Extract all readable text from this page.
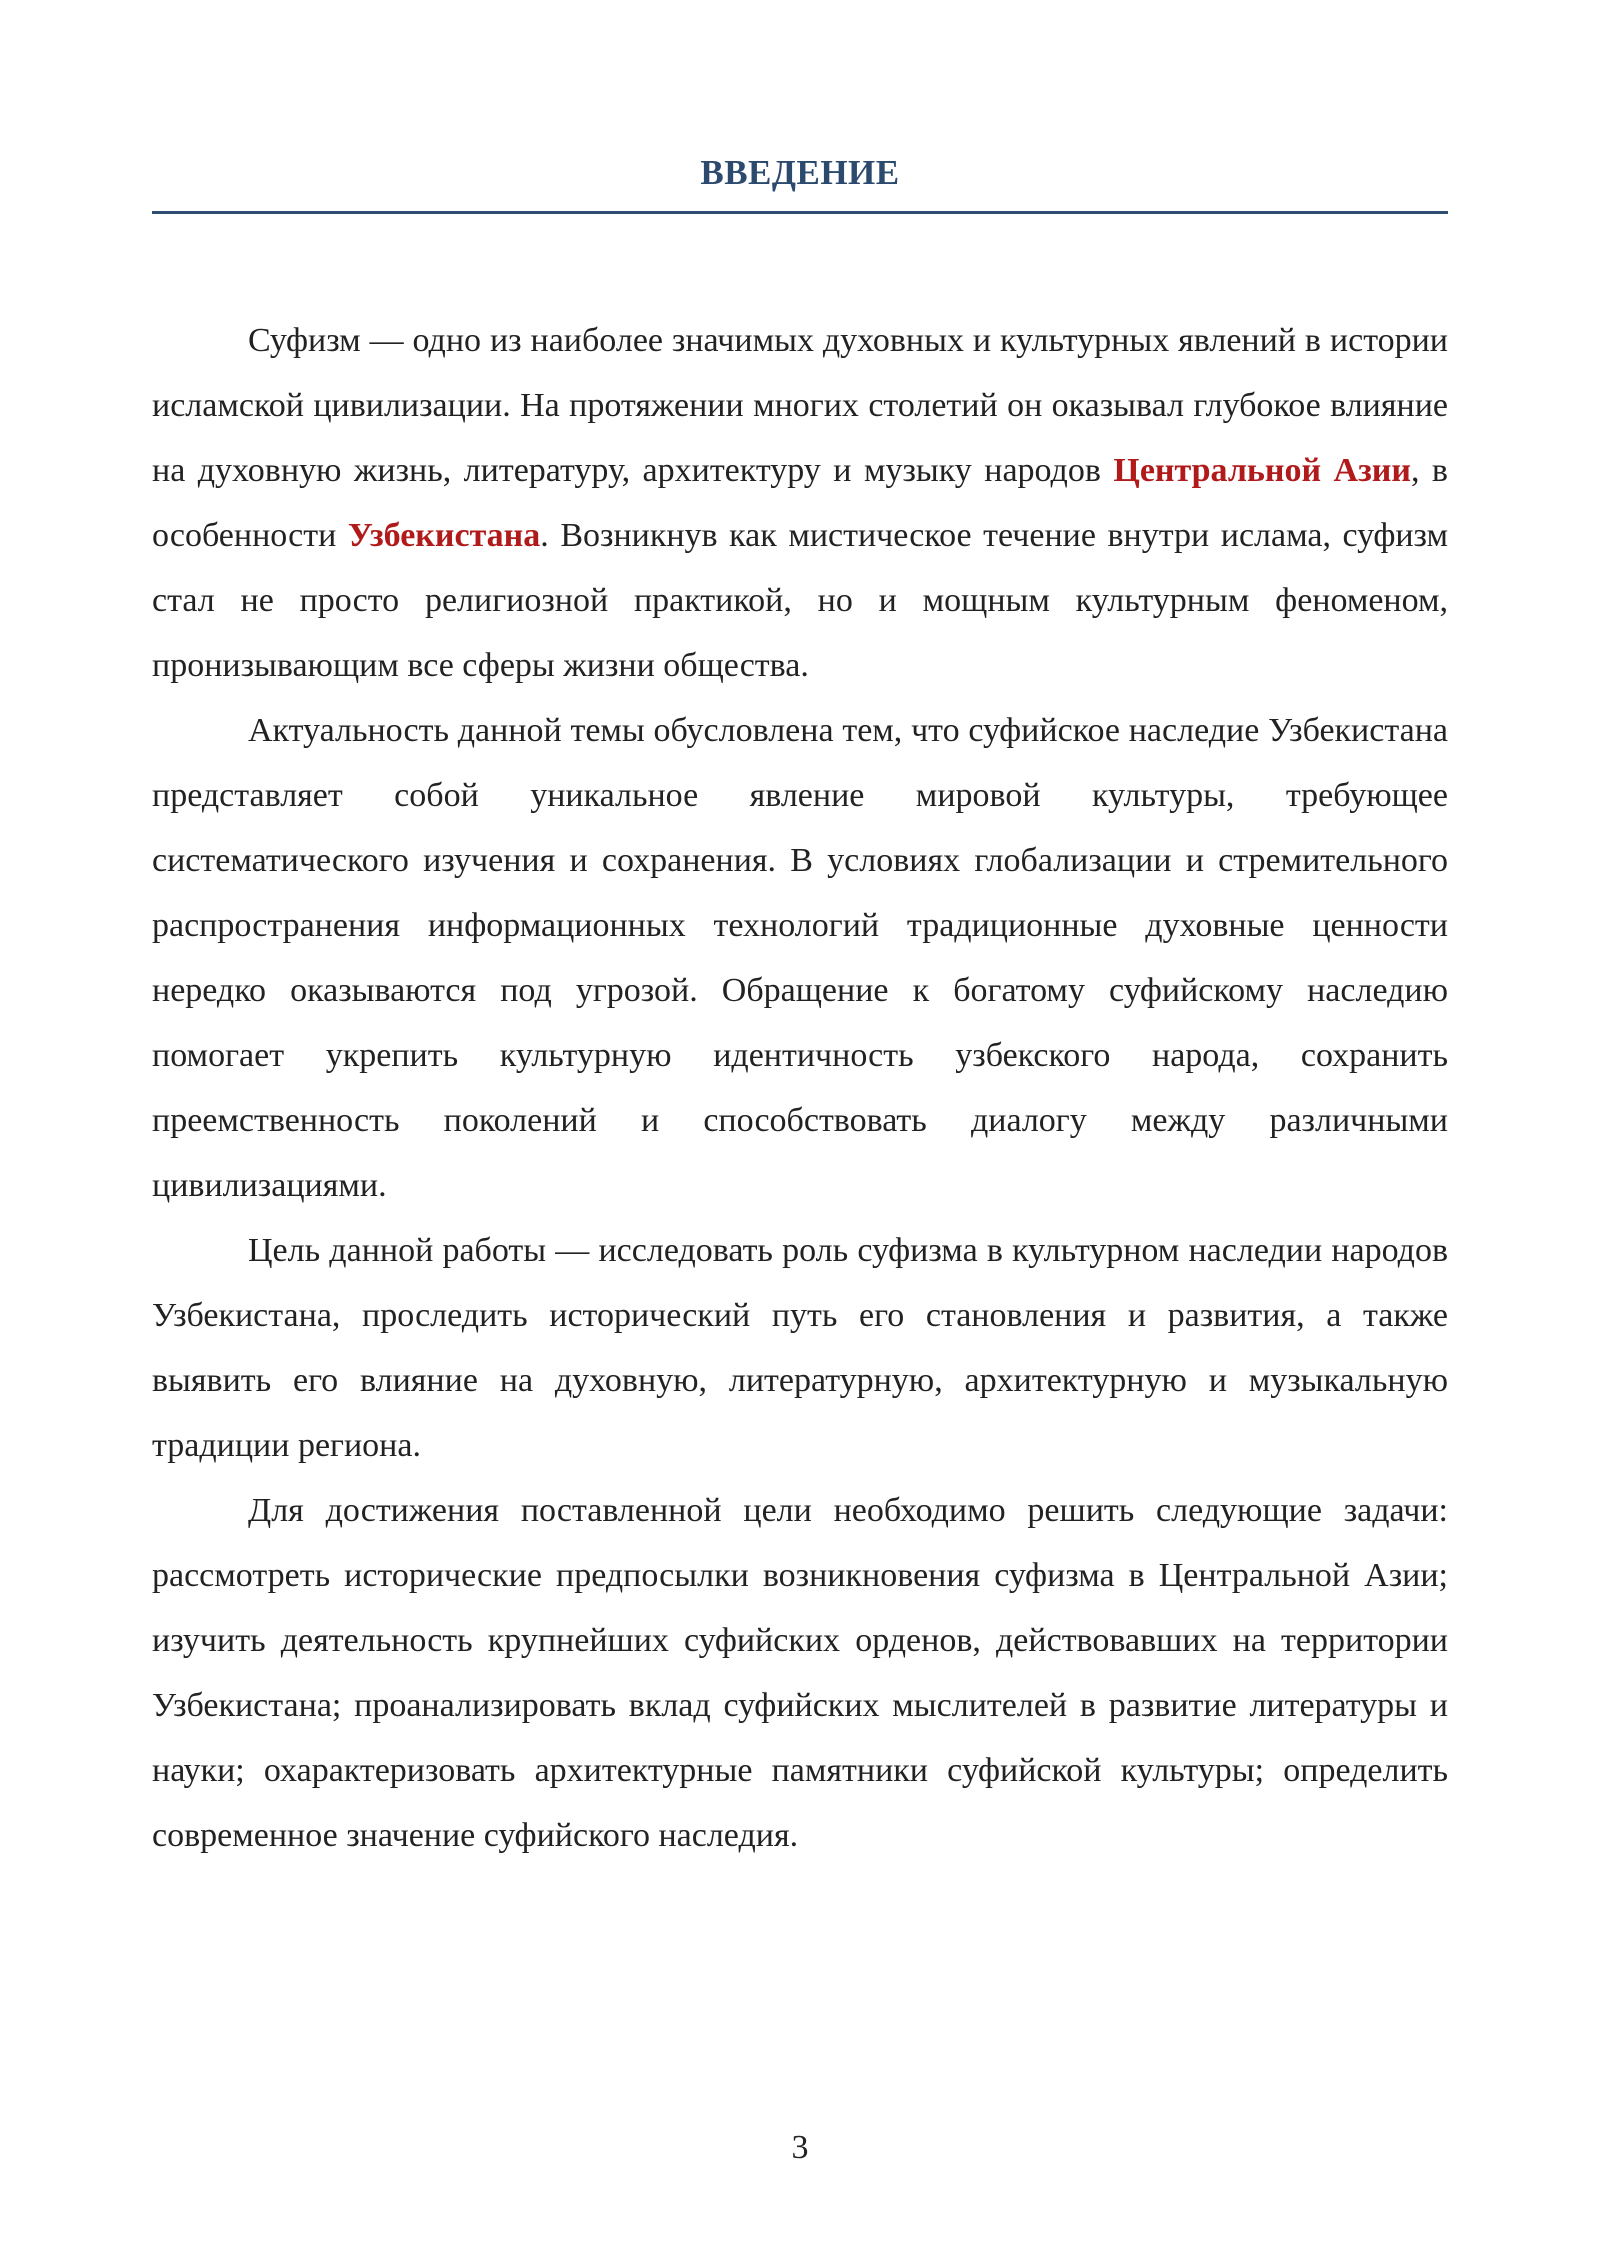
ВВЕДЕНИЕ

Суфизм — одно из наиболее значимых духовных и культурных явлений в истории исламской цивилизации. На протяжении многих столетий он оказывал глубокое влияние на духовную жизнь, литературу, архитектуру и музыку народов Центральной Азии, в особенности Узбекистана. Возникнув как мистическое течение внутри ислама, суфизм стал не просто религиозной практикой, но и мощным культурным феноменом, пронизывающим все сферы жизни общества.

Актуальность данной темы обусловлена тем, что суфийское наследие Узбекистана представляет собой уникальное явление мировой культуры, требующее систематического изучения и сохранения. В условиях глобализации и стремительного распространения информационных технологий традиционные духовные ценности нередко оказываются под угрозой. Обращение к богатому суфийскому наследию помогает укрепить культурную идентичность узбекского народа, сохранить преемственность поколений и способствовать диалогу между различными цивилизациями.

Цель данной работы — исследовать роль суфизма в культурном наследии народов Узбекистана, проследить исторический путь его становления и развития, а также выявить его влияние на духовную, литературную, архитектурную и музыкальную традиции региона.

Для достижения поставленной цели необходимо решить следующие задачи: рассмотреть исторические предпосылки возникновения суфизма в Центральной Азии; изучить деятельность крупнейших суфийских орденов, действовавших на территории Узбекистана; проанализировать вклад суфийских мыслителей в развитие литературы и науки; охарактеризовать архитектурные памятники суфийской культуры; определить современное значение суфийского наследия.

3
